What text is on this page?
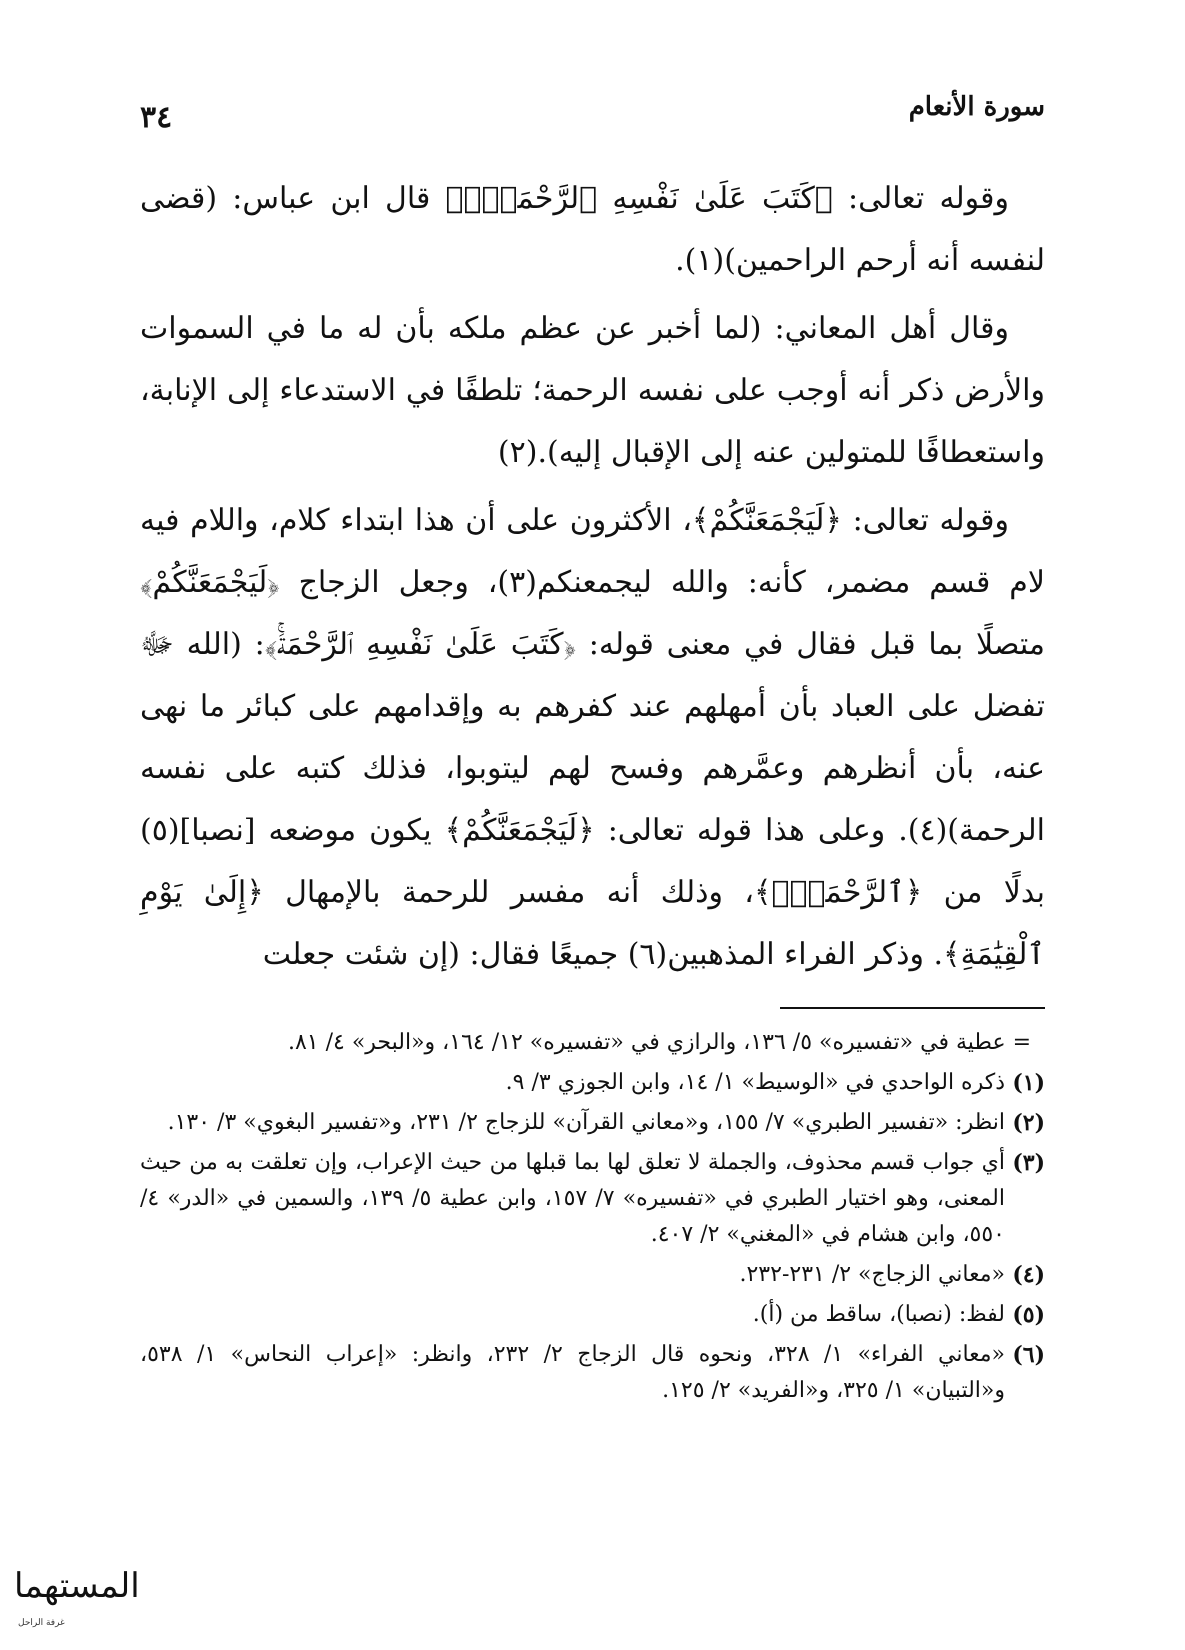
سورة الأنعام
٣٤

وقوله تعالى: ﴿كَتَبَ عَلَىٰ نَفْسِهِ ٱلرَّحْمَةَۚ﴾ قال ابن عباس: (قضى لنفسه أنه أرحم الراحمين)(١).

وقال أهل المعاني: (لما أخبر عن عظم ملكه بأن له ما في السموات والأرض ذكر أنه أوجب على نفسه الرحمة؛ تلطفًا في الاستدعاء إلى الإنابة، واستعطافًا للمتولين عنه إلى الإقبال إليه).(٢)

وقوله تعالى: ﴿لَيَجْمَعَنَّكُمْ﴾، الأكثرون على أن هذا ابتداء كلام، واللام فيه لام قسم مضمر، كأنه: والله ليجمعنكم(٣)، وجعل الزجاج ﴿لَيَجْمَعَنَّكُمْ﴾ متصلًا بما قبل فقال في معنى قوله: ﴿كَتَبَ عَلَىٰ نَفْسِهِ ٱلرَّحْمَةَۚ﴾: (الله ﷻ تفضل على العباد بأن أمهلهم عند كفرهم به وإقدامهم على كبائر ما نهى عنه، بأن أنظرهم وعمَّرهم وفسح لهم ليتوبوا، فذلك كتبه على نفسه الرحمة)(٤). وعلى هذا قوله تعالى: ﴿لَيَجْمَعَنَّكُمْ﴾ يكون موضعه [نصبا](٥) بدلًا من ﴿ٱلرَّحْمَةَۚ﴾، وذلك أنه مفسر للرحمة بالإمهال ﴿إِلَىٰ يَوْمِ ٱلْقِيَٰمَةِ﴾. وذكر الفراء المذهبين(٦) جميعًا فقال: (إن شئت جعلت

= عطية في «تفسيره» ٥/ ١٣٦، والرازي في «تفسيره» ١٢/ ١٦٤، و«البحر» ٤/ ٨١.
(١)
ذكره الواحدي في «الوسيط» ١/ ١٤، وابن الجوزي ٣/ ٩.
(٢)
انظر: «تفسير الطبري» ٧/ ١٥٥، و«معاني القرآن» للزجاج ٢/ ٢٣١، و«تفسير البغوي» ٣/ ١٣٠.
(٣)
أي جواب قسم محذوف، والجملة لا تعلق لها بما قبلها من حيث الإعراب، وإن تعلقت به من حيث المعنى، وهو اختيار الطبري في «تفسيره» ٧/ ١٥٧، وابن عطية ٥/ ١٣٩، والسمين في «الدر» ٤/ ٥٥٠، وابن هشام في «المغني» ٢/ ٤٠٧.
(٤)
«معاني الزجاج» ٢/ ٢٣١-٢٣٢.
(٥)
لفظ: (نصبا)، ساقط من (أ).
(٦)
«معاني الفراء» ١/ ٣٢٨، ونحوه قال الزجاج ٢/ ٢٣٢، وانظر: «إعراب النحاس» ١/ ٥٣٨، و«التبيان» ١/ ٣٢٥، و«الفريد» ٢/ ١٢٥.
المستهما
غرفة الراحل
